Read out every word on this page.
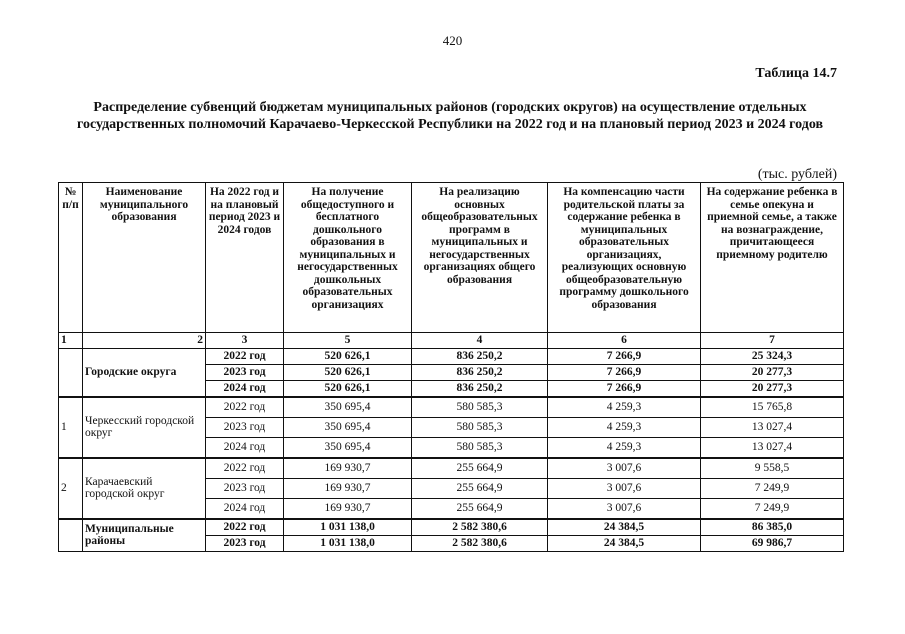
420
Таблица 14.7
Распределение субвенций бюджетам муниципальных районов (городских округов) на осуществление отдельных государственных полномочий Карачаево-Черкесской Республики на 2022 год и на плановый период 2023 и 2024 годов
(тыс. рублей)
№ п/п	Наименование муниципального образования	На 2022 год и на плановый период 2023 и 2024 годов	На получение общедоступного и бесплатного дошкольного образования в муниципальных и негосударственных дошкольных образовательных организациях	На реализацию основных общеобразовательных программ в муниципальных и негосударственных организациях общего образования	На компенсацию части родительской платы за содержание ребенка в муниципальных образовательных организациях, реализующих основную общеобразовательную программу дошкольного образования	На содержание ребенка в семье опекуна и приемной семье, а также на вознаграждение, причитающееся приемному родителю
1	2	3	5	4	6	7
	Городские округа	2022 год	520 626,1	836 250,2	7 266,9	25 324,3
		2023 год	520 626,1	836 250,2	7 266,9	20 277,3
		2024 год	520 626,1	836 250,2	7 266,9	20 277,3
1	Черкесский городской округ	2022 год	350 695,4	580 585,3	4 259,3	15 765,8
		2023 год	350 695,4	580 585,3	4 259,3	13 027,4
		2024 год	350 695,4	580 585,3	4 259,3	13 027,4
2	Карачаевский городской округ	2022 год	169 930,7	255 664,9	3 007,6	9 558,5
		2023 год	169 930,7	255 664,9	3 007,6	7 249,9
		2024 год	169 930,7	255 664,9	3 007,6	7 249,9
	Муниципальные районы	2022 год	1 031 138,0	2 582 380,6	24 384,5	86 385,0
		2023 год	1 031 138,0	2 582 380,6	24 384,5	69 986,7
